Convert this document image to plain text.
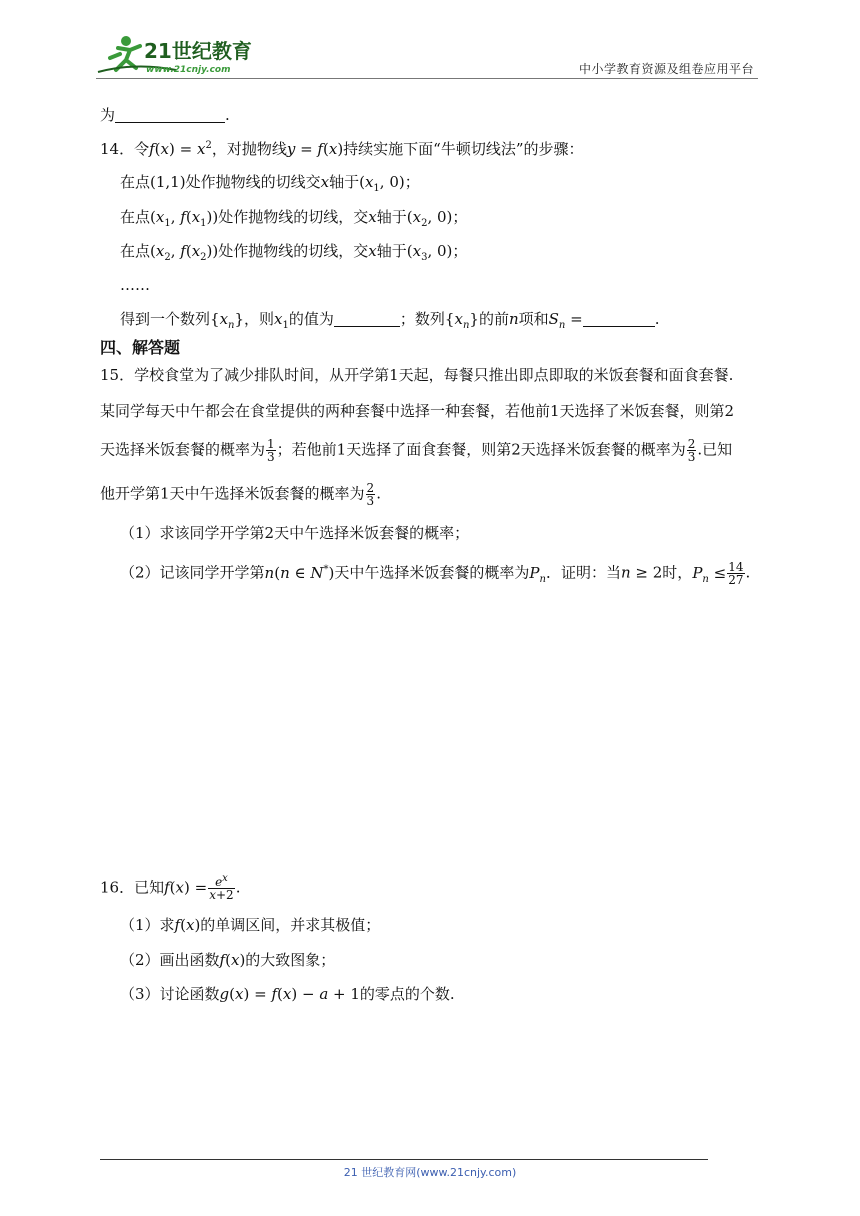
21世纪教育
www.21cnjy.com	中小学教育资源及组卷应用平台
为	.
14．令$f(x) = x^2$，对抛物线y = f(x)持续实施下面“牛顿切线法”的步骤：
在点(1,1)处作抛物线的切线交x轴于($x_1$, 0)；
在点($x_1$, $f(x_1)$)处作抛物线的切线，交x轴于($x_2$, 0)；
在点($x_2$, $f(x_2)$)处作抛物线的切线，交x轴于($x_3$, 0)；
……
得到一个数列$\{x_n\}$，则$x_1$的值为	；数列$\{x_n\}$的前n项和$S_n$ =	.
四、解答题
15．学校食堂为了减少排队时间，从开学第1天起，每餐只推出即点即取的米饭套餐和面食套餐.
某同学每天中午都会在食堂提供的两种套餐中选择一种套餐，若他前1天选择了米饭套餐，则第2
天选择米饭套餐的概率为 $\frac{1}{3}$ ；若他前1天选择了面食套餐，则第2天选择米饭套餐的概率为 $\frac{2}{3}$ .已知
他开学第1天中午选择米饭套餐的概率为 $\frac{2}{3}$ .
（1）求该同学开学第2天中午选择米饭套餐的概率；
（2）记该同学开学第n(n ∈ N*)天中午选择米饭套餐的概率为$P_n$．证明：当n ≥ 2时，$P_n \le \frac{14}{27}$ .
16．已知$f(x) = \frac{e^x}{x+2}$ .
（1）求f(x)的单调区间，并求其极值；
（2）画出函数f(x)的大致图象；
（3）讨论函数g(x) = f(x) − a + 1的零点的个数.
21 世纪教育网(www.21cnjy.com)
